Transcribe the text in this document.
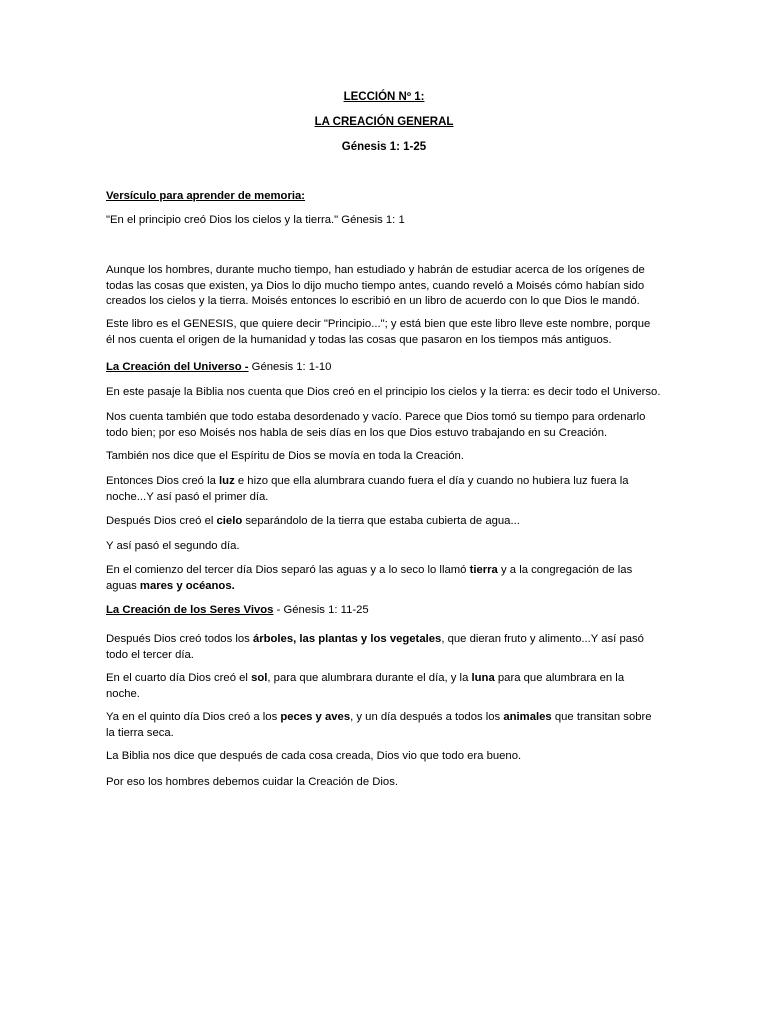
LECCIÓN Nº 1:
LA CREACIÓN GENERAL
Génesis 1: 1-25
Versículo para aprender de memoria:
"En el principio creó Dios los cielos y la tierra." Génesis 1: 1
Aunque los hombres, durante mucho tiempo, han estudiado y habrán de estudiar acerca de los orígenes de
todas las cosas que existen, ya Dios lo dijo mucho tiempo antes, cuando reveló a Moisés cómo habían sido
creados los cielos y la tierra. Moisés entonces lo escribió en un libro de acuerdo con lo que Dios le mandó.
Este libro es el GENESIS, que quiere decir "Principio..."; y está bien que este libro lleve este nombre, porque
él nos cuenta el origen de la humanidad y todas las cosas que pasaron en los tiempos más antiguos.
La Creación del Universo - Génesis 1: 1-10
En este pasaje la Biblia nos cuenta que Dios creó en el principio los cielos y la tierra: es decir todo el Universo.
Nos cuenta también que todo estaba desordenado y vacío. Parece que Dios tomó su tiempo para ordenarlo
todo bien; por eso Moisés nos habla de seis días en los que Dios estuvo trabajando en su Creación.
También nos dice que el Espíritu de Dios se movía en toda la Creación.
Entonces Dios creó la luz e hizo que ella alumbrara cuando fuera el día y cuando no hubiera luz fuera la
noche...Y así pasó el primer día.
Después Dios creó el cielo separándolo de la tierra que estaba cubierta de agua...
Y así pasó el segundo día.
En el comienzo del tercer día Dios separó las aguas y a lo seco lo llamó tierra y a la congregación de las
aguas mares y océanos.
La Creación de los Seres Vivos - Génesis 1: 11-25
Después Dios creó todos los árboles, las plantas y los vegetales, que dieran fruto y alimento...Y así pasó
todo el tercer día.
En el cuarto día Dios creó el sol, para que alumbrara durante el día, y la luna para que alumbrara en la
noche.
Ya en el quinto día Dios creó a los peces y aves, y un día después a todos los animales que transitan sobre
la tierra seca.
La Biblia nos dice que después de cada cosa creada, Dios vio que todo era bueno.
Por eso los hombres debemos cuidar la Creación de Dios.
